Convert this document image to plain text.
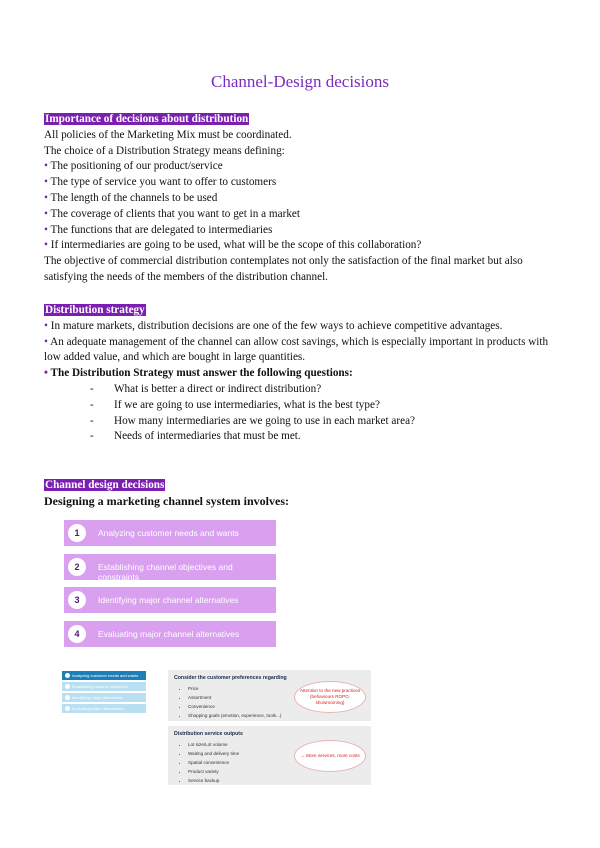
Channel-Design decisions
Importance of decisions about distribution
All policies of the Marketing Mix must be coordinated.
The choice of a Distribution Strategy means defining:
• The positioning of our product/service
• The type of service you want to offer to customers
• The length of the channels to be used
• The coverage of clients that you want to get in a market
• The functions that are delegated to intermediaries
• If intermediaries are going to be used, what will be the scope of this collaboration?
The objective of commercial distribution contemplates not only the satisfaction of the final market but also satisfying the needs of the members of the distribution channel.
Distribution strategy
• In mature markets, distribution decisions are one of the few ways to achieve competitive advantages.
• An adequate management of the channel can allow cost savings, which is especially important in products with low added value, and which are bought in large quantities.
• The Distribution Strategy must answer the following questions:
- What is better a direct or indirect distribution?
- If we are going to use intermediaries, what is the best type?
- How many intermediaries are we going to use in each market area?
- Needs of intermediaries that must be met.
Channel design decisions
Designing a marketing channel system involves:
1	Analyzing customer needs and wants
2	Establishing channel objectives and constraints
3	Identifying major channel alternatives
4	Evaluating major channel alternatives
Analyzing customer needs and wants
Establishing channel objectives
Identifying major alternatives
Evaluating major alternatives
Consider the customer preferences regarding
• Price
• Assortment
• Convenience
• Shopping goals (emotion, experience, tools...)
Attention to the new practices (behaviours ROPO, showrooming)
Distribution service outputs
• Lot size/Lot volume
• Waiting and delivery time
• Spatial convenience
• Product variety
• Service backup
→ More services, more costs
